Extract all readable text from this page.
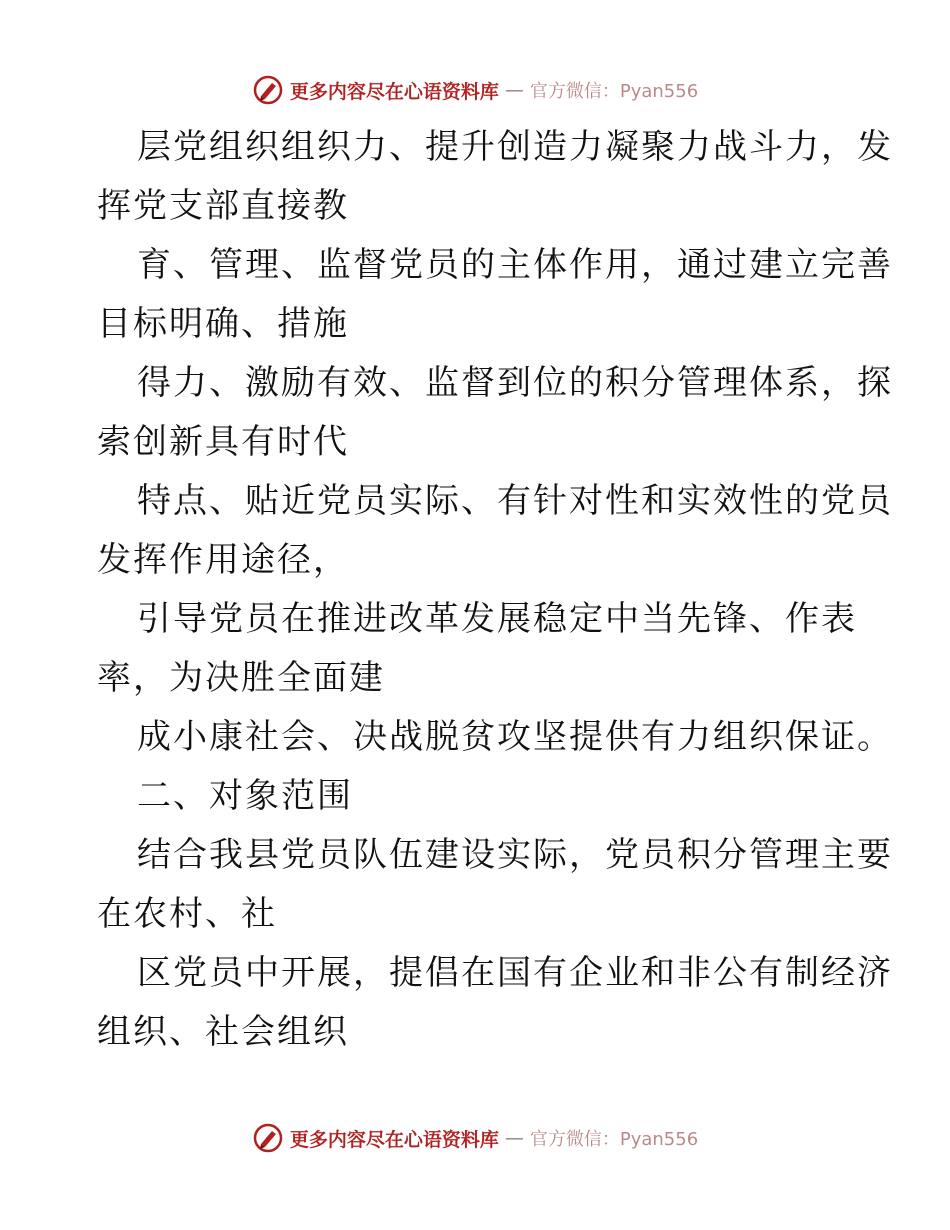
更多内容尽在心语资料库 — 官方微信：Pyan556
层党组织组织力、提升创造力凝聚力战斗力，发
挥党支部直接教
育、管理、监督党员的主体作用，通过建立完善
目标明确、措施
得力、激励有效、监督到位的积分管理体系，探
索创新具有时代
特点、贴近党员实际、有针对性和实效性的党员
发挥作用途径，
引导党员在推进改革发展稳定中当先锋、作表
率，为决胜全面建
成小康社会、决战脱贫攻坚提供有力组织保证。
二、对象范围
结合我县党员队伍建设实际，党员积分管理主要
在农村、社
区党员中开展，提倡在国有企业和非公有制经济
组织、社会组织
更多内容尽在心语资料库 — 官方微信：Pyan556
